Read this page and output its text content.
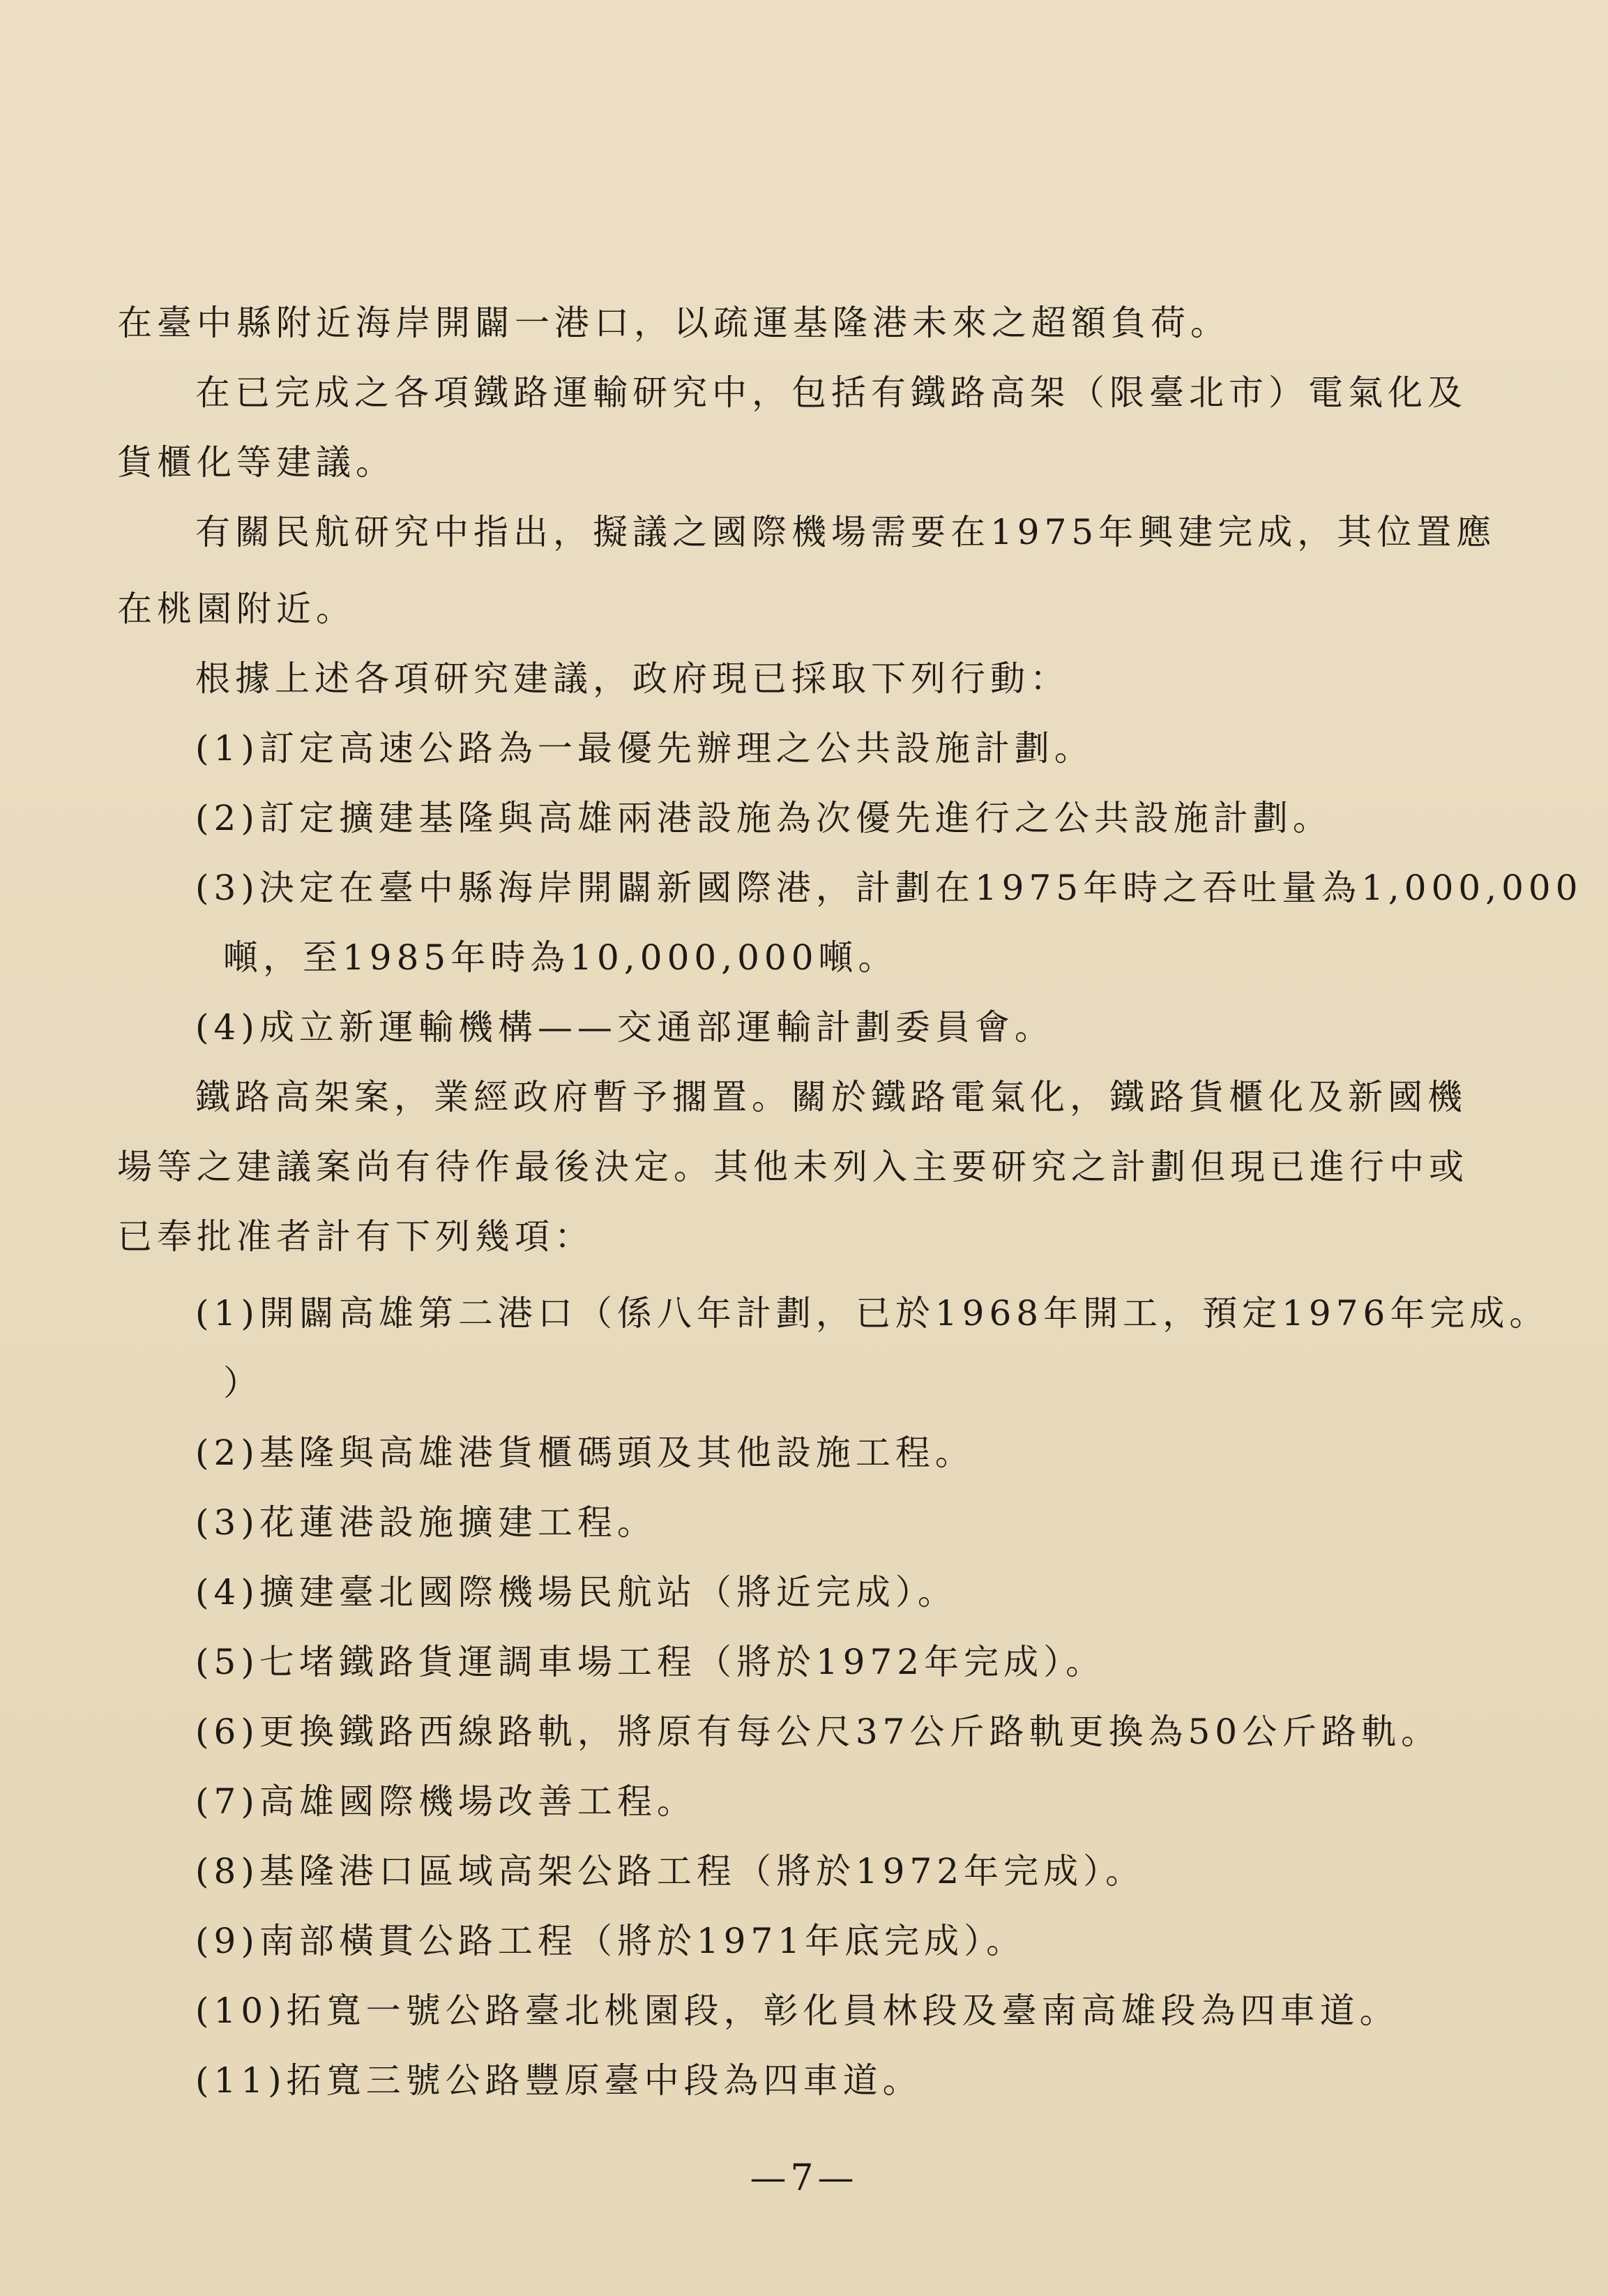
在臺中縣附近海岸開闢一港口，以疏運基隆港未來之超額負荷。
在已完成之各項鐵路運輸研究中，包括有鐵路高架（限臺北市）電氣化及
貨櫃化等建議。
有關民航研究中指出，擬議之國際機場需要在1975年興建完成，其位置應
在桃園附近。
根據上述各項研究建議，政府現已採取下列行動：
(1)訂定高速公路為一最優先辦理之公共設施計劃。
(2)訂定擴建基隆與高雄兩港設施為次優先進行之公共設施計劃。
(3)決定在臺中縣海岸開闢新國際港，計劃在1975年時之吞吐量為1,000,000
噸，至1985年時為10,000,000噸。
(4)成立新運輸機構——交通部運輸計劃委員會。
鐵路高架案，業經政府暫予擱置。關於鐵路電氣化，鐵路貨櫃化及新國機
場等之建議案尚有待作最後決定。其他未列入主要研究之計劃但現已進行中或
已奉批准者計有下列幾項：
(1)開闢高雄第二港口（係八年計劃，已於1968年開工，預定1976年完成。
）
(2)基隆與高雄港貨櫃碼頭及其他設施工程。
(3)花蓮港設施擴建工程。
(4)擴建臺北國際機場民航站（將近完成）。
(5)七堵鐵路貨運調車場工程（將於1972年完成）。
(6)更換鐵路西線路軌，將原有每公尺37公斤路軌更換為50公斤路軌。
(7)高雄國際機場改善工程。
(8)基隆港口區域高架公路工程（將於1972年完成）。
(9)南部橫貫公路工程（將於1971年底完成）。
(10)拓寬一號公路臺北桃園段，彰化員林段及臺南高雄段為四車道。
(11)拓寬三號公路豐原臺中段為四車道。
—7—
